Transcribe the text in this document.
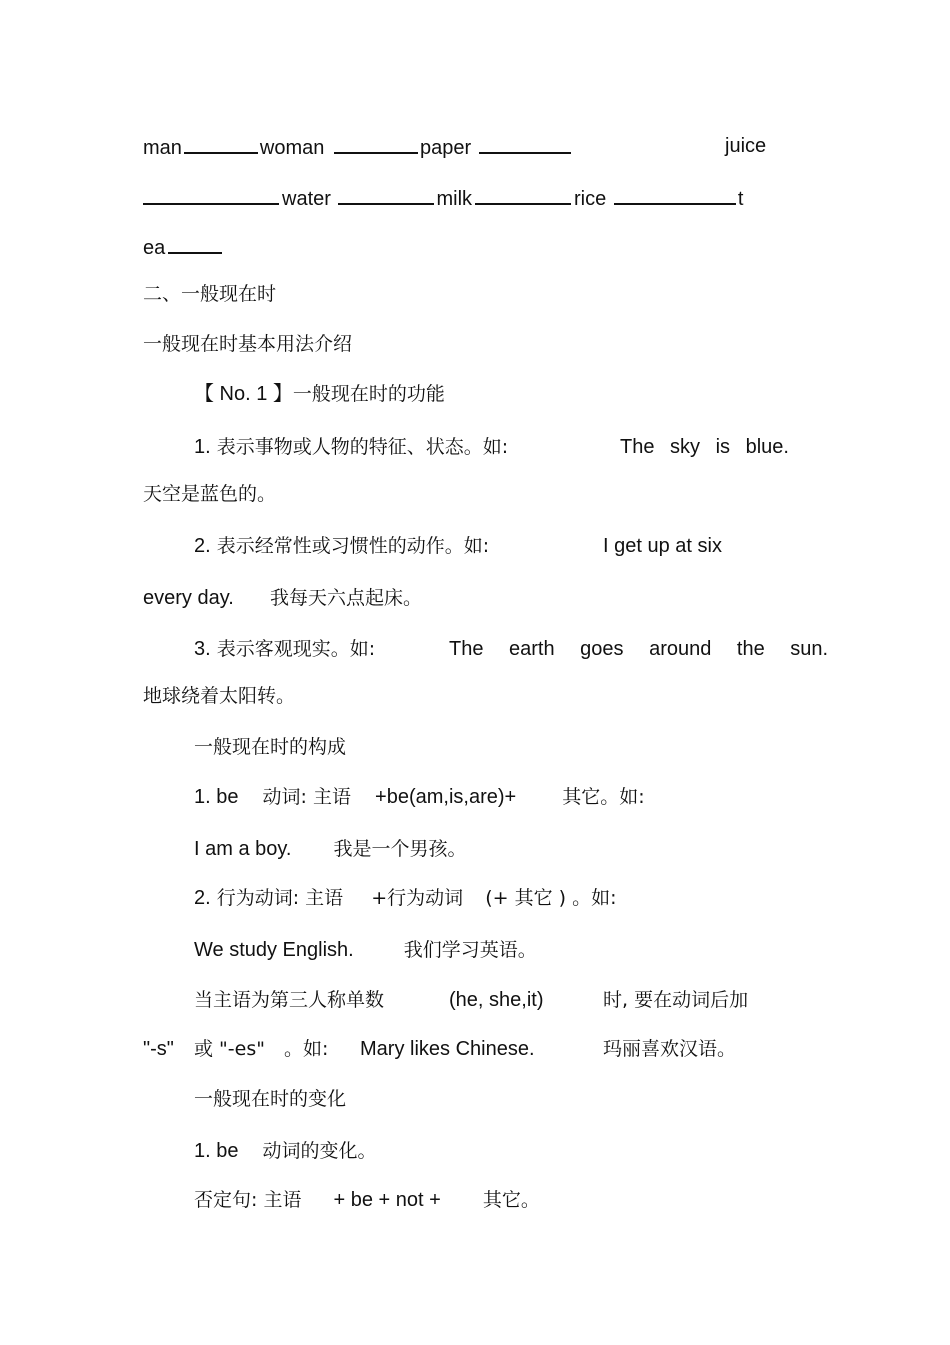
man	woman	paper	juice
water	milk	rice	t
ea
二、一般现在时
一般现在时基本用法介绍
【 No. 1 】一般现在时的功能
1. 表示事物或人物的特征、状态。如:	The sky is blue.
天空是蓝色的。
2. 表示经常性或习惯性的动作。如:	I get up at six
every day. 我每天六点起床。
3. 表示客观现实。如:	The earth goes around the sun.
地球绕着太阳转。
一般现在时的构成
1. be 动词: 主语 +be(am,is,are)+ 其它。如:
I am a boy. 我是一个男孩。
2. 行为动词: 主语 +行为动词 (+ 其它 ) 。如:
We study English.	我们学习英语。
当主语为第三人称单数	(he, she,it)	时, 要在动词后加
"-s" 或 "-es" 。如: Mary likes Chinese.	玛丽喜欢汉语。
一般现在时的变化
1. be 动词的变化。
否定句: 主语 + be + not + 其它。
